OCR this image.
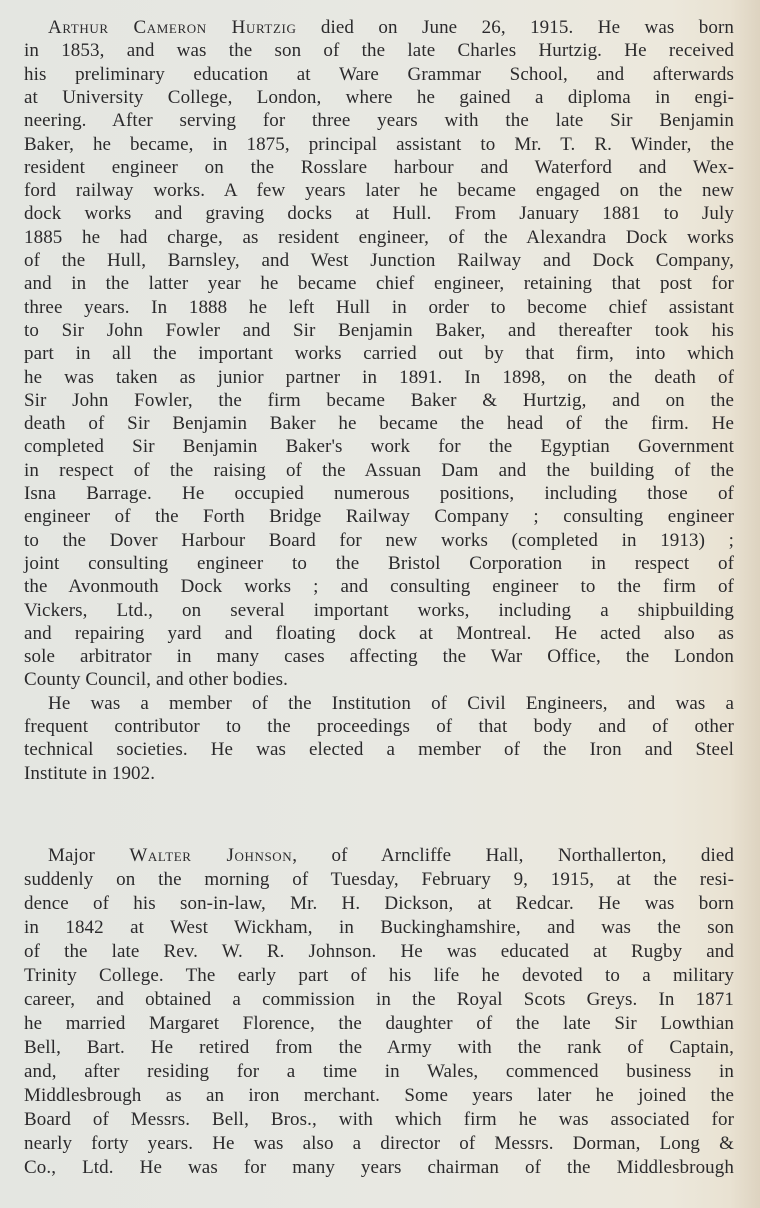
Arthur Cameron Hurtzig died on June 26, 1915. He was born
in 1853, and was the son of the late Charles Hurtzig. He received
his preliminary education at Ware Grammar School, and afterwards
at University College, London, where he gained a diploma in engi-
neering. After serving for three years with the late Sir Benjamin
Baker, he became, in 1875, principal assistant to Mr. T. R. Winder, the
resident engineer on the Rosslare harbour and Waterford and Wex-
ford railway works. A few years later he became engaged on the new
dock works and graving docks at Hull. From January 1881 to July
1885 he had charge, as resident engineer, of the Alexandra Dock works
of the Hull, Barnsley, and West Junction Railway and Dock Company,
and in the latter year he became chief engineer, retaining that post for
three years. In 1888 he left Hull in order to become chief assistant
to Sir John Fowler and Sir Benjamin Baker, and thereafter took his
part in all the important works carried out by that firm, into which
he was taken as junior partner in 1891. In 1898, on the death of
Sir John Fowler, the firm became Baker & Hurtzig, and on the
death of Sir Benjamin Baker he became the head of the firm. He
completed Sir Benjamin Baker's work for the Egyptian Government
in respect of the raising of the Assuan Dam and the building of the
Isna Barrage. He occupied numerous positions, including those of
engineer of the Forth Bridge Railway Company ; consulting engineer
to the Dover Harbour Board for new works (completed in 1913) ;
joint consulting engineer to the Bristol Corporation in respect of
the Avonmouth Dock works ; and consulting engineer to the firm of
Vickers, Ltd., on several important works, including a shipbuilding
and repairing yard and floating dock at Montreal. He acted also as
sole arbitrator in many cases affecting the War Office, the London
County Council, and other bodies.
He was a member of the Institution of Civil Engineers, and was a
frequent contributor to the proceedings of that body and of other
technical societies. He was elected a member of the Iron and Steel
Institute in 1902.
Major Walter Johnson, of Arncliffe Hall, Northallerton, died
suddenly on the morning of Tuesday, February 9, 1915, at the resi-
dence of his son-in-law, Mr. H. Dickson, at Redcar. He was born
in 1842 at West Wickham, in Buckinghamshire, and was the son
of the late Rev. W. R. Johnson. He was educated at Rugby and
Trinity College. The early part of his life he devoted to a military
career, and obtained a commission in the Royal Scots Greys. In 1871
he married Margaret Florence, the daughter of the late Sir Lowthian
Bell, Bart. He retired from the Army with the rank of Captain,
and, after residing for a time in Wales, commenced business in
Middlesbrough as an iron merchant. Some years later he joined the
Board of Messrs. Bell, Bros., with which firm he was associated for
nearly forty years. He was also a director of Messrs. Dorman, Long &
Co., Ltd. He was for many years chairman of the Middlesbrough
